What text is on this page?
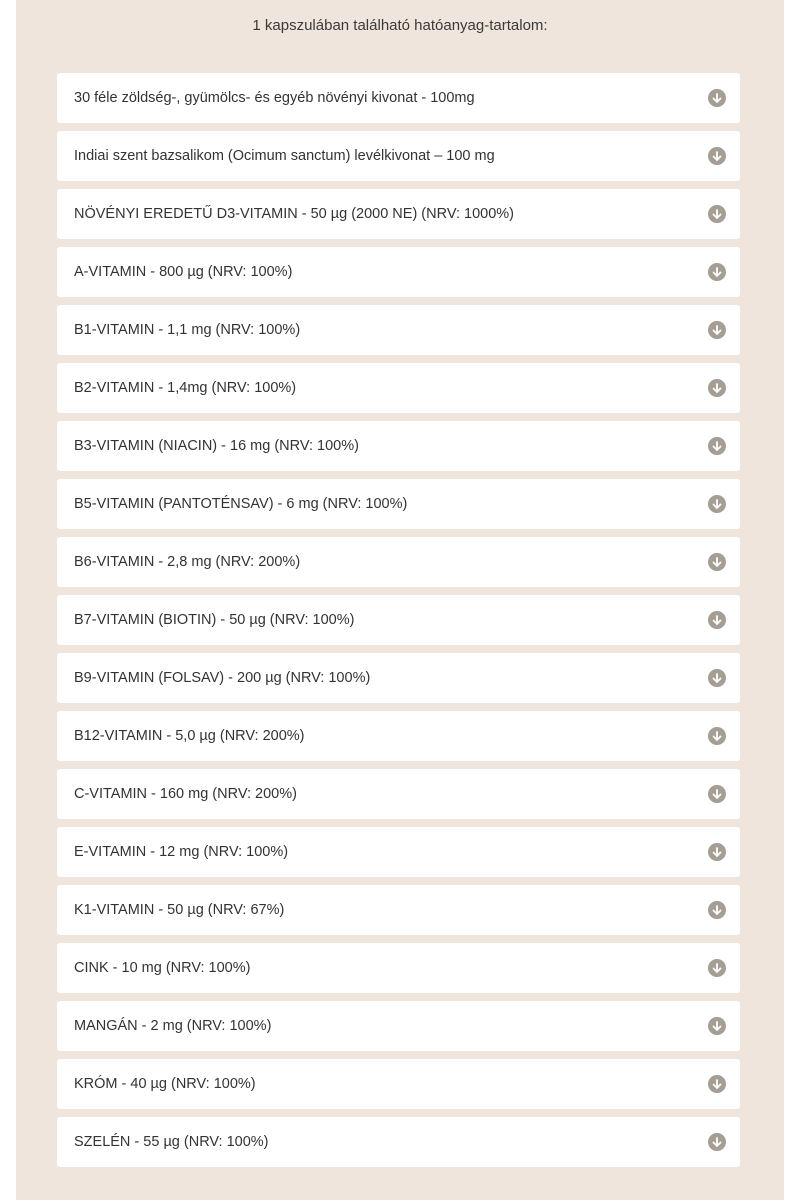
1 kapszulában található hatóanyag-tartalom:
30 féle zöldség-, gyümölcs- és egyéb növényi kivonat - 100mg
Indiai szent bazsalikom (Ocimum sanctum) levélkivonat – 100 mg
NÖVÉNYI EREDETŰ D3-VITAMIN - 50 µg (2000 NE) (NRV: 1000%)
A-VITAMIN - 800 µg (NRV: 100%)
B1-VITAMIN - 1,1 mg (NRV: 100%)
B2-VITAMIN - 1,4mg (NRV: 100%)
B3-VITAMIN (NIACIN) - 16 mg (NRV: 100%)
B5-VITAMIN (PANTOTÉNSAV) - 6 mg (NRV: 100%)
B6-VITAMIN - 2,8 mg (NRV: 200%)
B7-VITAMIN (BIOTIN) - 50 µg (NRV: 100%)
B9-VITAMIN (FOLSAV) - 200 µg (NRV: 100%)
B12-VITAMIN - 5,0 µg (NRV: 200%)
C-VITAMIN - 160 mg (NRV: 200%)
E-VITAMIN - 12 mg (NRV: 100%)
K1-VITAMIN - 50 µg (NRV: 67%)
CINK - 10 mg (NRV: 100%)
MANGÁN - 2 mg (NRV: 100%)
KRÓM - 40 µg (NRV: 100%)
SZELÉN - 55 µg (NRV: 100%)
